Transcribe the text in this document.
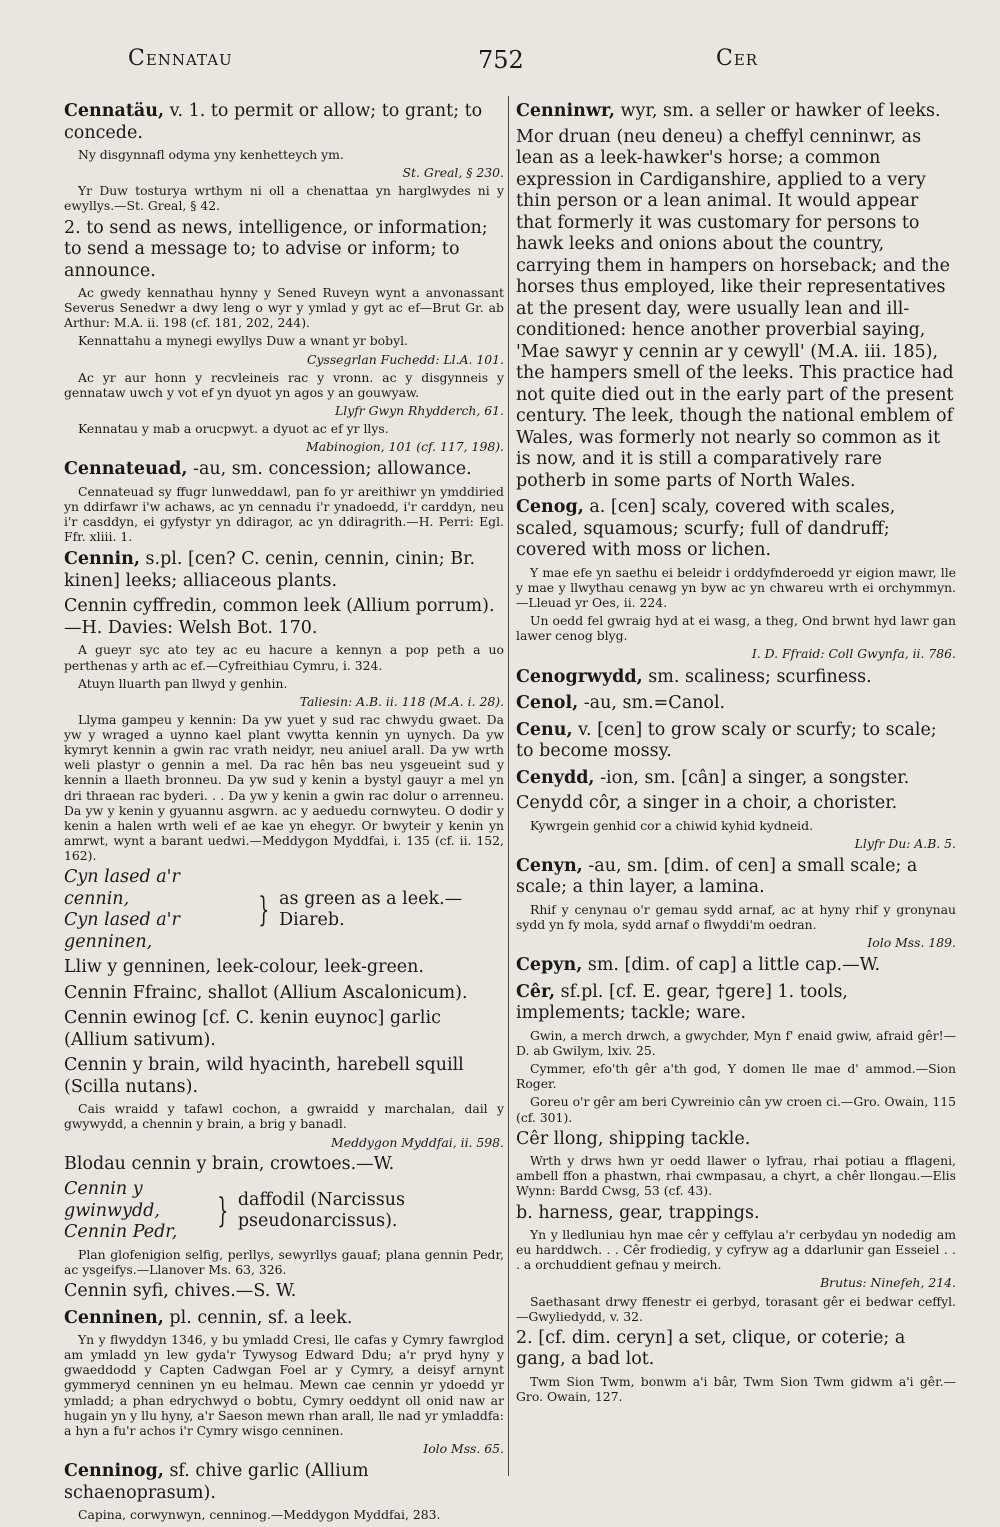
Cennatau	752	Cer
Cennatäu, v. 1. to permit or allow; to grant; to concede.
Ny disgynnafl odyma yny kenhetteych ym.
St. Greal, § 230.
Yr Duw tosturya wrthym ni oll a chenattaa yn harglwydes ni y ewyllys.—St. Greal, § 42.
2. to send as news, intelligence, or information; to send a message to; to advise or inform; to announce.
Ac gwedy kennathau hynny y Sened Ruveyn wynt a anvonassant Severus Senedwr a dwy leng o wyr y ymlad y gyt ac ef—Brut Gr. ab Arthur: M.A. ii. 198 (cf. 181, 202, 244).
Kennattahu a mynegi ewyllys Duw a wnant yr bobyl.
Cyssegrlan Fuchedd: Ll.A. 101.
Ac yr aur honn y recvleineis rac y vronn. ac y disgynneis y gennataw uwch y vot ef yn dyuot yn agos y an gouwyaw.
Llyfr Gwyn Rhydderch, 61.
Kennatau y mab a orucpwyt. a dyuot ac ef yr llys.
Mabinogion, 101 (cf. 117, 198).
Cennateuad, -au, sm. concession; allowance.
Cennateuad sy ffugr lunweddawl, pan fo yr areithiwr yn ymddiried yn ddirfawr i'w achaws, ac yn cennadu i'r ynadoedd, i'r carddyn, neu i'r casddyn, ei gyfystyr yn ddiragor, ac yn ddiragrith.—H. Perri: Egl. Ffr. xliii. 1.
Cennin, s.pl. [cen? C. cenin, cennin, cinin; Br. kinen] leeks; alliaceous plants.
Cennin cyffredin, common leek (Allium porrum). —H. Davies: Welsh Bot. 170.
A gueyr syc ato tey ac eu hacure a kennyn a pop peth a uo perthenas y arth ac ef.—Cyfreithiau Cymru, i. 324.
Atuyn lluarth pan llwyd y genhin.
Taliesin: A.B. ii. 118 (M.A. i. 28).
Llyma gampeu y kennin: Da yw yuet y sud rac chwydu gwaet. Da yw y wraged a uynno kael plant vwytta kennin yn uynych. Da yw kymryt kennin a gwin rac vrath neidyr, neu aniuel arall. Da yw wrth weli plastyr o gennin a mel. Da rac hên bas neu ysgeueint sud y kennin a llaeth bronneu. Da yw sud y kenin a bystyl gauyr a mel yn dri thraean rac byderi. . . Da yw y kenin a gwin rac dolur o arrenneu. Da yw y kenin y gyuannu asgwrn. ac y aeduedu cornwyteu. O dodir y kenin a halen wrth weli ef ae kae yn ehegyr. Or bwyteir y kenin yn amrwt, wynt a barant uedwi.—Meddygon Myddfai, i. 135 (cf. ii. 152, 162).
Cyn lased a'r cennin,
Cyn lased a'r genninen,
} as green as a leek.— Diareb.
Lliw y genninen, leek-colour, leek-green.
Cennin Ffrainc, shallot (Allium Ascalonicum).
Cennin ewinog [cf. C. kenin euynoc] garlic (Allium sativum).
Cennin y brain, wild hyacinth, harebell squill (Scilla nutans).
Cais wraidd y tafawl cochon, a gwraidd y marchalan, dail y gwywydd, a chennin y brain, a brig y banadl.
Meddygon Myddfai, ii. 598.
Blodau cennin y brain, crowtoes.—W.
Cennin y gwinwydd,
Cennin Pedr,
} daffodil (Narcissus pseudonarcissus).
Plan glofenigion selfig, perllys, sewyrllys gauaf; plana gennin Pedr, ac ysgeifys.—Llanover Ms. 63, 326.
Cennin syfi, chives.—S. W.
Cenninen, pl. cennin, sf. a leek.
Yn y flwyddyn 1346, y bu ymladd Cresi, lle cafas y Cymry fawrglod am ymladd yn lew gyda'r Tywysog Edward Ddu; a'r pryd hyny y gwaeddodd y Capten Cadwgan Foel ar y Cymry, a deisyf arnynt gymmeryd cenninen yn eu helmau. Mewn cae cennin yr ydoedd yr ymladd; a phan edrychwyd o bobtu, Cymry oeddynt oll onid naw ar hugain yn y llu hyny, a'r Saeson mewn rhan arall, lle nad yr ymladdfa: a hyn a fu'r achos i'r Cymry wisgo cenninen.
Iolo Mss. 65.
Cenninog, sf. chive garlic (Allium schaenoprasum).
Capina, corwynwyn, cenninog.—Meddygon Myddfai, 283.
Cenninwr, wyr, sm. a seller or hawker of leeks.
Mor druan (neu deneu) a cheffyl cenninwr, as lean as a leek-hawker's horse; a common expression in Cardiganshire, applied to a very thin person or a lean animal. It would appear that formerly it was customary for persons to hawk leeks and onions about the country, carrying them in hampers on horseback; and the horses thus employed, like their representatives at the present day, were usually lean and ill-conditioned: hence another proverbial saying, 'Mae sawyr y cennin ar y cewyll' (M.A. iii. 185), the hampers smell of the leeks. This practice had not quite died out in the early part of the present century. The leek, though the national emblem of Wales, was formerly not nearly so common as it is now, and it is still a comparatively rare potherb in some parts of North Wales.
Cenog, a. [cen] scaly, covered with scales, scaled, squamous; scurfy; full of dandruff; covered with moss or lichen.
Y mae efe yn saethu ei beleidr i orddyfnderoedd yr eigion mawr, lle y mae y llwythau cenawg yn byw ac yn chwareu wrth ei orchymmyn.—Lleuad yr Oes, ii. 224.
Un oedd fel gwraig hyd at ei wasg, a theg, Ond brwnt hyd lawr gan lawer cenog blyg.
I. D. Ffraid: Coll Gwynfa, ii. 786.
Cenogrwydd, sm. scaliness; scurfiness.
Cenol, -au, sm.=Canol.
Cenu, v. [cen] to grow scaly or scurfy; to scale; to become mossy.
Cenydd, -ion, sm. [cân] a singer, a songster.
Cenydd côr, a singer in a choir, a chorister.
Kywrgein genhid cor a chiwid kyhid kydneid.
Llyfr Du: A.B. 5.
Cenyn, -au, sm. [dim. of cen] a small scale; a scale; a thin layer, a lamina.
Rhif y cenynau o'r gemau sydd arnaf, ac at hyny rhif y gronynau sydd yn fy mola, sydd arnaf o flwyddi'm oedran.
Iolo Mss. 189.
Cepyn, sm. [dim. of cap] a little cap.—W.
Cêr, sf.pl. [cf. E. gear, †gere] 1. tools, implements; tackle; ware.
Gwin, a merch drwch, a gwychder, Myn f' enaid gwiw, afraid gêr!—D. ab Gwilym, lxiv. 25.
Cymmer, efo'th gêr a'th god, Y domen lle mae d' ammod.—Sion Roger.
Goreu o'r gêr am beri Cywreinio cân yw croen ci.—Gro. Owain, 115 (cf. 301).
Cêr llong, shipping tackle.
Wrth y drws hwn yr oedd llawer o lyfrau, rhai potiau a fflageni, ambell ffon a phastwn, rhai cwmpasau, a chyrt, a chêr llongau.—Elis Wynn: Bardd Cwsg, 53 (cf. 43).
b. harness, gear, trappings.
Yn y lledluniau hyn mae cêr y ceffylau a'r cerbydau yn nodedig am eu harddwch. . . Cêr frodiedig, y cyfryw ag a ddarlunir gan Esseiel . . . a orchuddient gefnau y meirch.
Brutus: Ninefeh, 214.
Saethasant drwy ffenestr ei gerbyd, torasant gêr ei bedwar ceffyl.—Gwyliedydd, v. 32.
2. [cf. dim. ceryn] a set, clique, or coterie; a gang, a bad lot.
Twm Sion Twm, bonwm a'i bâr, Twm Sion Twm gidwm a'i gêr.—Gro. Owain, 127.
